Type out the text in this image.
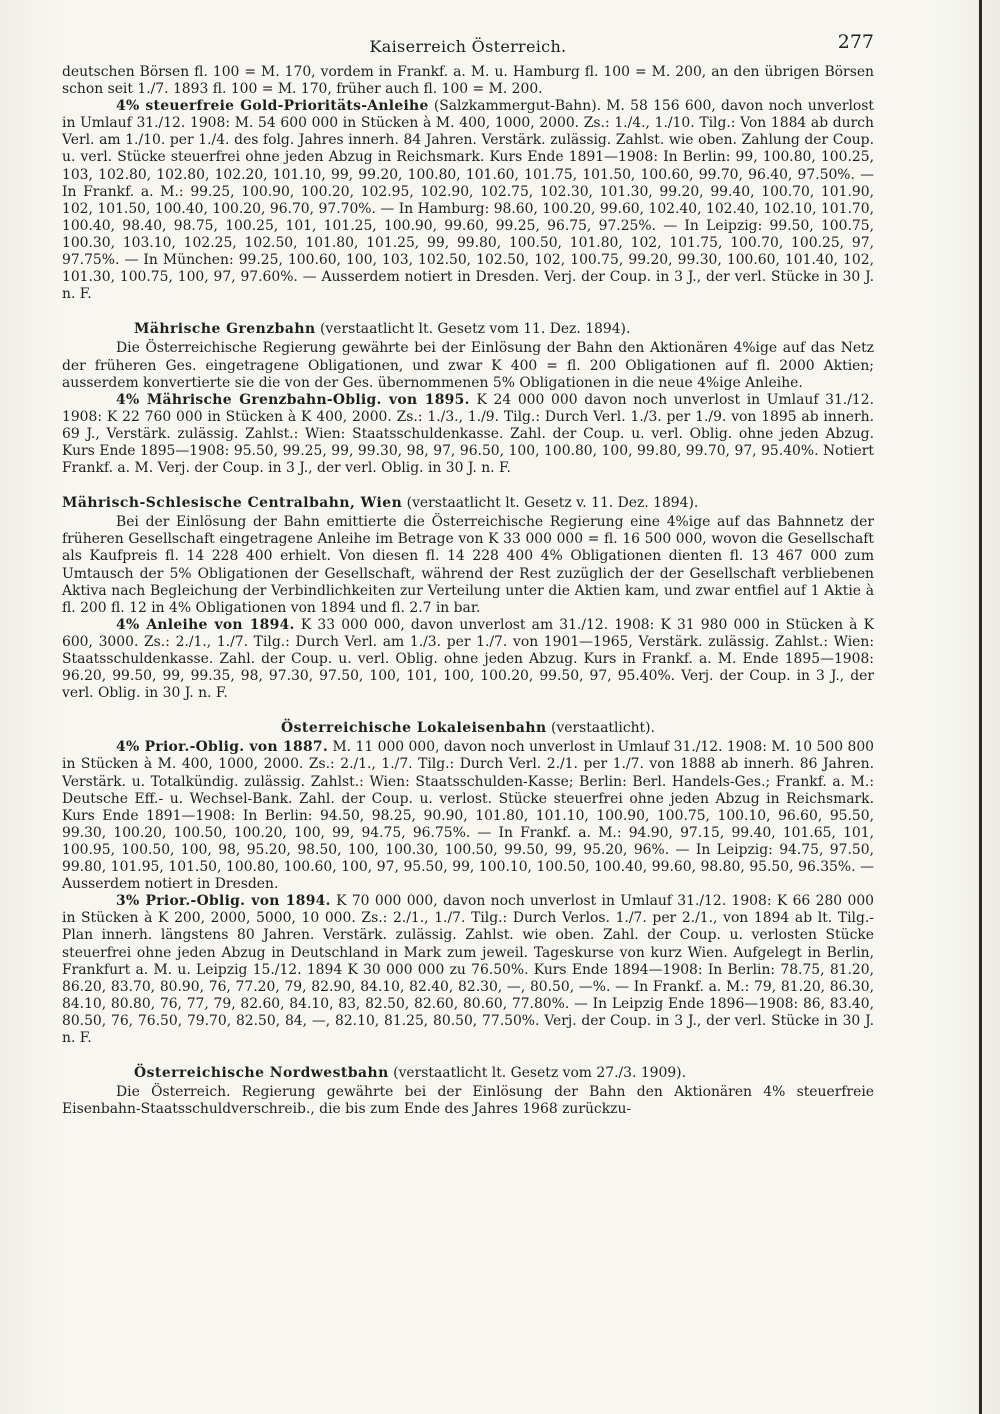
Kaiserreich Österreich.	277

deutschen Börsen fl. 100 = M. 170, vordem in Frankf. a. M. u. Hamburg fl. 100 = M. 200, an den übrigen Börsen schon seit 1./7. 1893 fl. 100 = M. 170, früher auch fl. 100 = M. 200.

4% steuerfreie Gold-Prioritäts-Anleihe (Salzkammergut-Bahn). M. 58 156 600, davon noch unverlost in Umlauf 31./12. 1908: M. 54 600 000 in Stücken à M. 400, 1000, 2000. Zs.: 1./4., 1./10. Tilg.: Von 1884 ab durch Verl. am 1./10. per 1./4. des folg. Jahres innerh. 84 Jahren. Verstärk. zulässig. Zahlst. wie oben. Zahlung der Coup. u. verl. Stücke steuerfrei ohne jeden Abzug in Reichsmark. Kurs Ende 1891—1908: In Berlin: 99, 100.80, 100.25, 103, 102.80, 102.80, 102.20, 101.10, 99, 99.20, 100.80, 101.60, 101.75, 101.50, 100.60, 99.70, 96.40, 97.50%. — In Frankf. a. M.: 99.25, 100.90, 100.20, 102.95, 102.90, 102.75, 102.30, 101.30, 99.20, 99.40, 100.70, 101.90, 102, 101.50, 100.40, 100.20, 96.70, 97.70%. — In Hamburg: 98.60, 100.20, 99.60, 102.40, 102.40, 102.10, 101.70, 100.40, 98.40, 98.75, 100.25, 101, 101.25, 100.90, 99.60, 99.25, 96.75, 97.25%. — In Leipzig: 99.50, 100.75, 100.30, 103.10, 102.25, 102.50, 101.80, 101.25, 99, 99.80, 100.50, 101.80, 102, 101.75, 100.70, 100.25, 97, 97.75%. — In München: 99.25, 100.60, 100, 103, 102.50, 102.50, 102, 100.75, 99.20, 99.30, 100.60, 101.40, 102, 101.30, 100.75, 100, 97, 97.60%. — Ausserdem notiert in Dresden. Verj. der Coup. in 3 J., der verl. Stücke in 30 J. n. F.

Mährische Grenzbahn (verstaatlicht lt. Gesetz vom 11. Dez. 1894).

Die Österreichische Regierung gewährte bei der Einlösung der Bahn den Aktionären 4%ige auf das Netz der früheren Ges. eingetragene Obligationen, und zwar K 400 = fl. 200 Obligationen auf fl. 2000 Aktien; ausserdem konvertierte sie die von der Ges. übernommenen 5% Obligationen in die neue 4%ige Anleihe.

4% Mährische Grenzbahn-Oblig. von 1895. K 24 000 000 davon noch unverlost in Umlauf 31./12. 1908: K 22 760 000 in Stücken à K 400, 2000. Zs.: 1./3., 1./9. Tilg.: Durch Verl. 1./3. per 1./9. von 1895 ab innerh. 69 J., Verstärk. zulässig. Zahlst.: Wien: Staatsschuldenkasse. Zahl. der Coup. u. verl. Oblig. ohne jeden Abzug. Kurs Ende 1895—1908: 95.50, 99.25, 99, 99.30, 98, 97, 96.50, 100, 100.80, 100, 99.80, 99.70, 97, 95.40%. Notiert Frankf. a. M. Verj. der Coup. in 3 J., der verl. Oblig. in 30 J. n. F.

Mährisch-Schlesische Centralbahn, Wien (verstaatlicht lt. Gesetz v. 11. Dez. 1894).

Bei der Einlösung der Bahn emittierte die Österreichische Regierung eine 4%ige auf das Bahnnetz der früheren Gesellschaft eingetragene Anleihe im Betrage von K 33 000 000 = fl. 16 500 000, wovon die Gesellschaft als Kaufpreis fl. 14 228 400 erhielt. Von diesen fl. 14 228 400 4% Obligationen dienten fl. 13 467 000 zum Umtausch der 5% Obligationen der Gesellschaft, während der Rest zuzüglich der der Gesellschaft verbliebenen Aktiva nach Begleichung der Verbindlichkeiten zur Verteilung unter die Aktien kam, und zwar entfiel auf 1 Aktie à fl. 200 fl. 12 in 4% Obligationen von 1894 und fl. 2.7 in bar.

4% Anleihe von 1894. K 33 000 000, davon unverlost am 31./12. 1908: K 31 980 000 in Stücken à K 600, 3000. Zs.: 2./1., 1./7. Tilg.: Durch Verl. am 1./3. per 1./7. von 1901—1965, Verstärk. zulässig. Zahlst.: Wien: Staatsschuldenkasse. Zahl. der Coup. u. verl. Oblig. ohne jeden Abzug. Kurs in Frankf. a. M. Ende 1895—1908: 96.20, 99.50, 99, 99.35, 98, 97.30, 97.50, 100, 101, 100, 100.20, 99.50, 97, 95.40%. Verj. der Coup. in 3 J., der verl. Oblig. in 30 J. n. F.

Österreichische Lokaleisenbahn (verstaatlicht).

4% Prior.-Oblig. von 1887. M. 11 000 000, davon noch unverlost in Umlauf 31./12. 1908: M. 10 500 800 in Stücken à M. 400, 1000, 2000. Zs.: 2./1., 1./7. Tilg.: Durch Verl. 2./1. per 1./7. von 1888 ab innerh. 86 Jahren. Verstärk. u. Totalkündig. zulässig. Zahlst.: Wien: Staatsschulden-Kasse; Berlin: Berl. Handels-Ges.; Frankf. a. M.: Deutsche Eff.- u. Wechsel-Bank. Zahl. der Coup. u. verlost. Stücke steuerfrei ohne jeden Abzug in Reichsmark. Kurs Ende 1891—1908: In Berlin: 94.50, 98.25, 90.90, 101.80, 101.10, 100.90, 100.75, 100.10, 96.60, 95.50, 99.30, 100.20, 100.50, 100.20, 100, 99, 94.75, 96.75%. — In Frankf. a. M.: 94.90, 97.15, 99.40, 101.65, 101, 100.95, 100.50, 100, 98, 95.20, 98.50, 100, 100.30, 100.50, 99.50, 99, 95.20, 96%. — In Leipzig: 94.75, 97.50, 99.80, 101.95, 101.50, 100.80, 100.60, 100, 97, 95.50, 99, 100.10, 100.50, 100.40, 99.60, 98.80, 95.50, 96.35%. — Ausserdem notiert in Dresden.

3% Prior.-Oblig. von 1894. K 70 000 000, davon noch unverlost in Umlauf 31./12. 1908: K 66 280 000 in Stücken à K 200, 2000, 5000, 10 000. Zs.: 2./1., 1./7. Tilg.: Durch Verlos. 1./7. per 2./1., von 1894 ab lt. Tilg.-Plan innerh. längstens 80 Jahren. Verstärk. zulässig. Zahlst. wie oben. Zahl. der Coup. u. verlosten Stücke steuerfrei ohne jeden Abzug in Deutschland in Mark zum jeweil. Tageskurse von kurz Wien. Aufgelegt in Berlin, Frankfurt a. M. u. Leipzig 15./12. 1894 K 30 000 000 zu 76.50%. Kurs Ende 1894—1908: In Berlin: 78.75, 81.20, 86.20, 83.70, 80.90, 76, 77.20, 79, 82.90, 84.10, 82.40, 82.30, —, 80.50, —%. — In Frankf. a. M.: 79, 81.20, 86.30, 84.10, 80.80, 76, 77, 79, 82.60, 84.10, 83, 82.50, 82.60, 80.60, 77.80%. — In Leipzig Ende 1896—1908: 86, 83.40, 80.50, 76, 76.50, 79.70, 82.50, 84, —, 82.10, 81.25, 80.50, 77.50%. Verj. der Coup. in 3 J., der verl. Stücke in 30 J. n. F.

Österreichische Nordwestbahn (verstaatlicht lt. Gesetz vom 27./3. 1909).

Die Österreich. Regierung gewährte bei der Einlösung der Bahn den Aktionären 4% steuerfreie Eisenbahn-Staatsschuldverschreib., die bis zum Ende des Jahres 1968 zurückzu-
